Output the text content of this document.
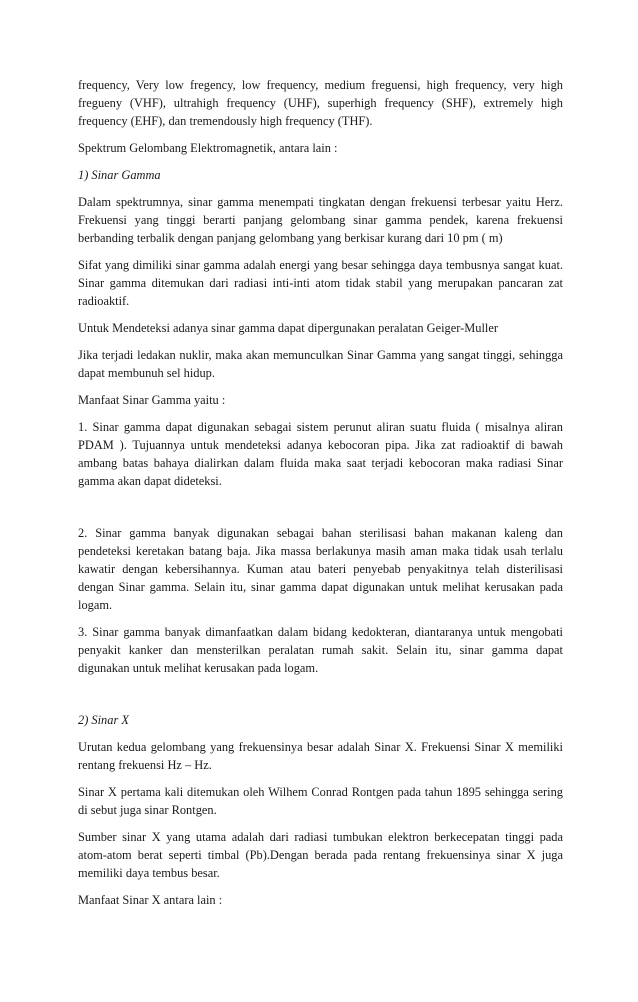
frequency, Very low fregency, low frequency, medium freguensi, high frequency, very high fregueny (VHF), ultrahigh frequency (UHF), superhigh frequency (SHF), extremely high frequency (EHF), dan tremendously high frequency (THF).

Spektrum Gelombang Elektromagnetik, antara lain :

1) Sinar Gamma

Dalam spektrumnya, sinar gamma menempati tingkatan dengan frekuensi terbesar yaitu Herz. Frekuensi yang tinggi berarti panjang gelombang sinar gamma pendek, karena frekuensi berbanding terbalik dengan panjang gelombang yang berkisar kurang dari 10 pm ( m)

Sifat yang dimiliki sinar gamma adalah energi yang besar sehingga daya tembusnya sangat kuat. Sinar gamma ditemukan dari radiasi inti-inti atom tidak stabil yang merupakan pancaran zat radioaktif.

Untuk Mendeteksi adanya sinar gamma dapat dipergunakan peralatan Geiger-Muller

Jika terjadi ledakan nuklir, maka akan memunculkan Sinar Gamma yang sangat tinggi, sehingga dapat membunuh sel hidup.

Manfaat Sinar Gamma yaitu :

1. Sinar gamma dapat digunakan sebagai sistem perunut aliran suatu fluida ( misalnya aliran PDAM ). Tujuannya untuk mendeteksi adanya kebocoran pipa. Jika zat radioaktif di bawah ambang batas bahaya dialirkan dalam fluida maka saat terjadi kebocoran maka radiasi Sinar gamma akan dapat dideteksi.

2. Sinar gamma banyak digunakan sebagai bahan sterilisasi bahan makanan kaleng dan pendeteksi keretakan batang baja. Jika massa berlakunya masih aman maka tidak usah terlalu kawatir dengan kebersihannya. Kuman atau bateri penyebab penyakitnya telah disterilisasi dengan Sinar gamma. Selain itu, sinar gamma dapat digunakan untuk melihat kerusakan pada logam.

3. Sinar gamma banyak dimanfaatkan dalam bidang kedokteran, diantaranya untuk mengobati penyakit kanker dan mensterilkan peralatan rumah sakit. Selain itu, sinar gamma dapat digunakan untuk melihat kerusakan pada logam.

2) Sinar X

Urutan kedua gelombang yang frekuensinya besar adalah Sinar X. Frekuensi Sinar X memiliki rentang frekuensi Hz – Hz.

Sinar X pertama kali ditemukan oleh Wilhem Conrad Rontgen pada tahun 1895 sehingga sering di sebut juga sinar Rontgen.

Sumber sinar X yang utama adalah dari radiasi tumbukan elektron berkecepatan tinggi pada atom-atom berat seperti timbal (Pb).Dengan berada pada rentang frekuensinya sinar X juga memiliki daya tembus besar.

Manfaat Sinar X antara lain :
